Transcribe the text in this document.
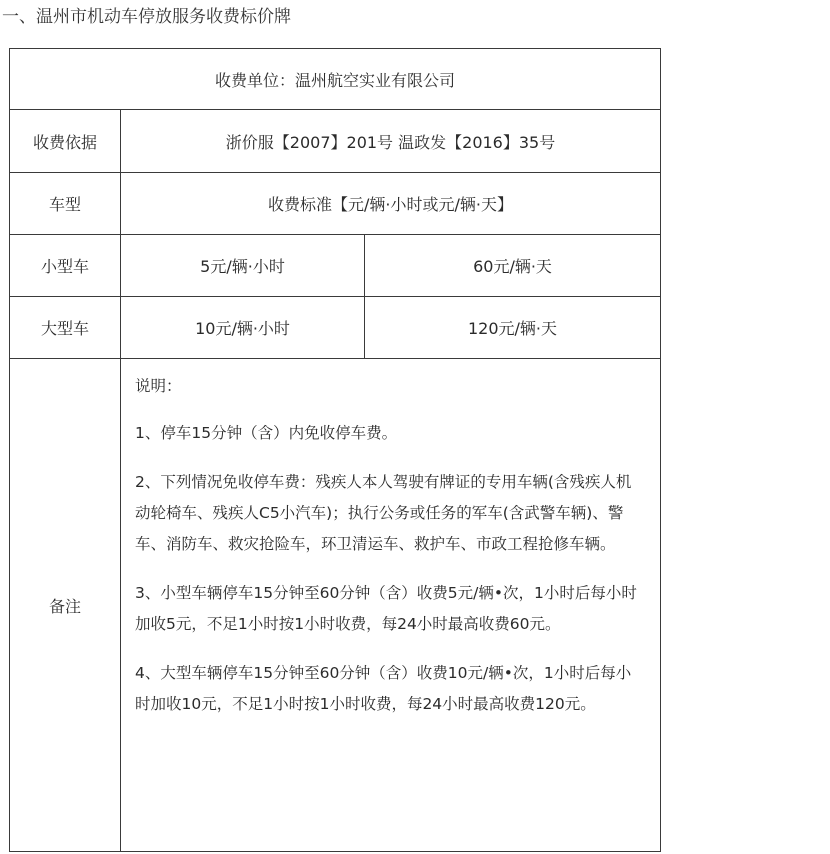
一、温州市机动车停放服务收费标价牌
收费单位：温州航空实业有限公司		
收费依据	浙价服【2007】201号 温政发【2016】35号	
车型	收费标准【元/辆·小时或元/辆·天】	
小型车	5元/辆·小时	60元/辆·天
大型车	10元/辆·小时	120元/辆·天
备注	说明：

1、停车15分钟（含）内免收停车费。

2、下列情况免收停车费：残疾人本人驾驶有牌证的专用车辆(含残疾人机动轮椅车、残疾人C5小汽车)；执行公务或任务的军车(含武警车辆)、警车、消防车、救灾抢险车，环卫清运车、救护车、市政工程抢修车辆。

3、小型车辆停车15分钟至60分钟（含）收费5元/辆•次，1小时后每小时加收5元，不足1小时按1小时收费，每24小时最高收费60元。

4、大型车辆停车15分钟至60分钟（含）收费10元/辆•次，1小时后每小时加收10元，不足1小时按1小时收费，每24小时最高收费120元。	
